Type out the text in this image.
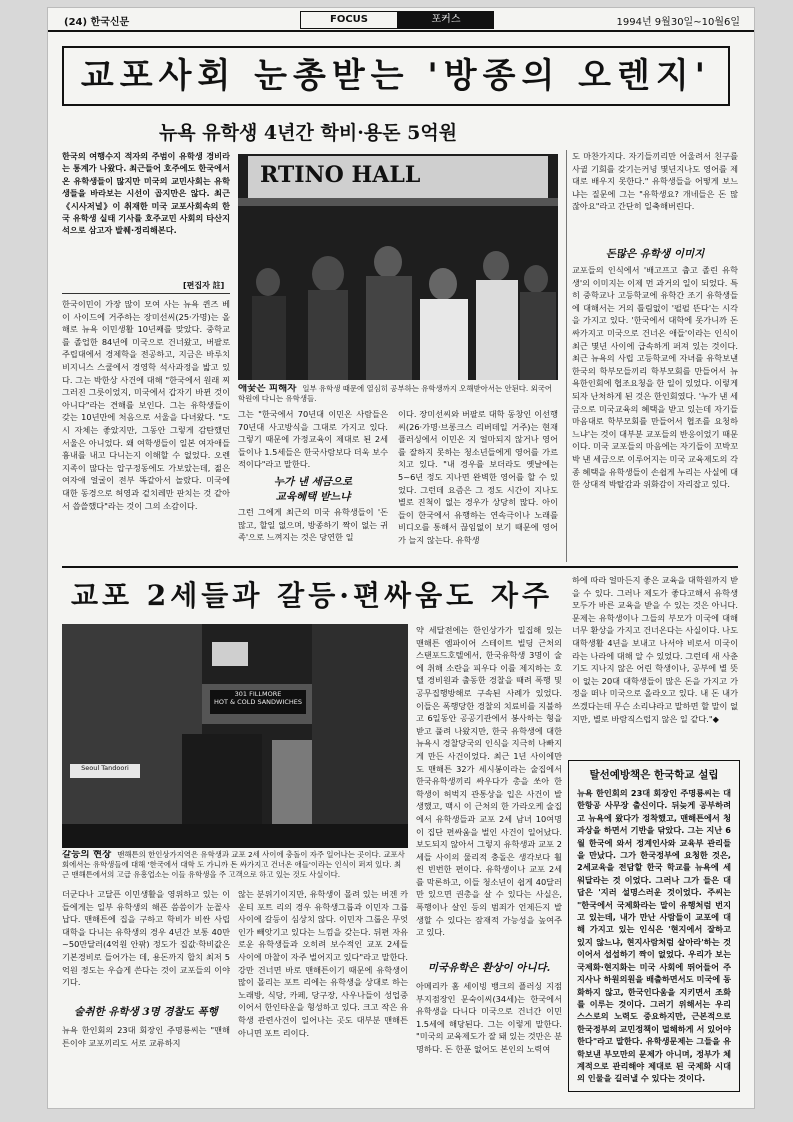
(24) 한국신문	FOCUS	포커스	1994년 9월30일~10월6일
교포사회 눈총받는 '방종의 오렌지'
뉴욕 유학생 4년간 학비·용돈 5억원

한국의 여행수지 적자의 주범이 유학생 경비라는 통계가 나왔다. 최근들어 호주에도 한국에서 온 유학생들이 많지만 미국의 교민사회는 유학생들을 바라보는 시선이 곱지만은 않다. 최근 《시사저널》이 취재한 미국 교포사회속의 한국 유학생 실태 기사를 호주교민 사회의 타산지석으로 삼고자 발췌·정리해본다.

[편집자 註]

한국이민이 가장 많이 모여 사는 뉴욕 퀸즈 베이 사이드에 거주하는 장미선씨(25·가명)는 올해로 뉴욕 이민생활 10년째를 맞았다. 중학교를 졸업한 84년에 미국으로 건너왔고, 버팔로 주립대에서 경제학을 전공하고, 지금은 바루치 비지니스 스쿨에서 경영학 석사과정을 밟고 있다. 그는 박한상 사건에 대해 "한국에서 원래 찌그러진 그릇이었지, 미국에서 갑자기 바뀐 것이 아니다"라는 견해를 보인다. 그는 유학생들이 갖는 10년만에 처음으로 서울을 다녀왔다. "도시 자체는 좋았지만, 그동안 그렇게 감탄했던 서울은 아니었다. 왜 여학생들이 일본 여자애들 흉내를 내고 다니는지 이해할 수 없었다. 오렌지족이 많다는 압구정동에도 가보았는데, 젊은 여자애 얼굴이 전부 똑같아서 놀랐다. 미국에 대한 동경으로 허영과 겉치레만 판치는 것 같아서 씁쓸했다"라는 것이 그의 소감이다.

RTINO HALL
애꿎은 피해자 일부 유학생 때문에 열심히 공부하는 유학생까지 오해받아서는 안된다. 외국어학원에 다니는 유학생들.

그는 "한국에서 70년대 이민온 사람들은 70년대 사고방식을 그대로 가지고 있다. 그렇기 때문에 가정교육이 제대로 된 2세들이나 1.5세들은 한국사람보다 더욱 보수적이다"라고 말한다.

누가 낸 세금으로
교육혜택 받느냐

그런 그에게 최근의 미국 유학생들이 '돈 많고, 할일 없으며, 방종하기 짝이 없는 귀족'으로 느껴지는 것은 당연한 일

이다. 장미선씨와 버팔로 대학 동창인 이선행씨(26·가명·브롱크스 리버데일 거주)는 현재 플러싱에서 이민온 지 얼마되지 않거나 영어를 잘하지 못하는 청소년들에게 영어를 가르치고 있다. "내 경우를 보더라도 옛날에는 5~6년 정도 지나면 완벽한 영어를 할 수 있었다. 그런데 요즘은 그 정도 시간이 지나도 별로 진척이 없는 경우가 상당히 많다. 아이들이 한국에서 유행하는 연속극이나 노래를 비디오를 통해서 끊임없이 보기 때문에 영어가 늘지 않는다. 유학생

도 마찬가지다. 자기들끼리만 어울려서 친구를 사귈 기회를 갖기는커녕 몇년지나도 영어를 제대로 배우지 못한다." 유학생들을 어떻게 보느냐는 질문에 그는 "유학생요? 개네들은 돈 많잖아요"라고 간단히 일축해버린다.

돈많은 유학생 이미지

교포들의 인식에서 '배고프고 춥고 졸린 유학생'의 이미지는 이제 먼 과거의 일이 되었다. 특히 중학교나 고등학교에 유학간 조기 유학생들에 대해서는 거의 틀림없이 '펄펄 뜬다'는 시각을 가지고 있다. '한국에서 대학에 못가니까 돈 싸가지고 미국으로 건너온 애들'이라는 인식이 최근 몇년 사이에 급속하게 퍼져 있는 것이다. 최근 뉴욕의 사립 고등학교에 자녀를 유학보낸 한국의 학부모들끼리 학부모회를 만들어서 뉴욕한인회에 협조요청을 한 일이 있었다. 이렇게 되자 난처하게 된 것은 한인회였다. '누가 낸 세금으로 미국교육의 혜택을 받고 있는데 자기들 마음대로 학부모회를 만들어서 협조를 요청하느냐'는 것이 대부분 교포들의 반응이었기 때문이다. 미국 교포들의 마음에는 자기들이 꼬박꼬박 낸 세금으로 이루어지는 미국 교육제도의 각종 혜택을 유학생들이 손쉽게 누리는 사실에 대한 상대적 박탈감과 위화감이 자리잡고 있다.

교포 2세들과 갈등·편싸움도 자주
301 FILLMORE
HOT & COLD SANDWICHES
Seoul Tandoori
갈등의 현장 맨해튼의 한인상가지역은 유학생과 교포 2세 사이에 충돌이 자주 일어나는 곳이다. 교포사회에서는 유학생들에 대해 '한국에서 대학 도 가니까 돈 싸가지고 건너온 애들'이라는 인식이 퍼져 있다. 최근 맨해튼에서의 고급 유흥업소는 이들 유학생을 주 고객으로 하고 있는 것도 사실이다.

더군다나 고달픈 이민생활을 영위하고 있는 이들에게는 일부 유학생의 해픈 씀씀이가 눈꼴사납다. 맨해튼에 집을 구하고 학비가 비싼 사립대학을 다니는 유학생의 경우 4년간 보통 40만~50만달러(4억원 안팎) 정도가 집값·학비값은 기본경비로 들어가는 데, 용돈까지 합치 최저 5억원 정도는 우습게 쓴다는 것이 교포들의 이야기다.

술취한 유학생 3명 경찰도 폭행

뉴욕 한인회의 23대 회장인 주명룡씨는 "맨해튼이야 교포끼리도 서로 교류하지

않는 분위기이지만, 유학생이 몰려 있는 버겐 카운티 포트 리의 경우 유학생그룹과 이민자 그룹사이에 갈등이 심상치 않다. 이민자 그룹은 무엇인가 빼앗기고 있다는 느낌을 갖는다. 뒤편 자유로운 유학생들과 오히려 보수적인 교포 2세들 사이에 마찰이 자주 벌어지고 있다"라고 말한다. 강만 건너면 바로 맨해튼이기 때문에 유학생이 많이 몰리는 포트 리에는 유학생을 상대로 하는 노래방, 식당, 카페, 당구장, 사우나들이 성업중이어서 한인타운을 형성하고 있다. 크고 작은 유학생 관련사건이 일어나는 곳도 대부분 맨해튼 아니면 포트 리이다.

약 세달전에는 한인상가가 밀집해 있는 맨해튼 엠파이어 스테이트 빌딩 근처의 스탠포드호텔에서, 한국유학생 3명이 술에 취해 소란을 피우다 이를 제지하는 호텔 경비원과 출동한 경찰을 때려 폭행 및 공무집행방해로 구속된 사례가 있었다. 이들은 폭행당한 경찰의 치료비를 지불하고 6일동안 공공기관에서 봉사하는 형을 받고 풀려 나왔지만, 한국 유학생에 대한 뉴욕시 경찰당국의 인식을 지극히 나빠지게 만든 사건이었다. 최근 1년 사이에만도 맨해튼 32가 세시봉이라는 술집에서 한국유학생끼리 싸우다가 총을 쏘아 한 학생이 허벅지 관통상을 입은 사건이 발생했고, 맥시 이 근처의 한 가라오케 술집에서 유학생들과 교포 2세 남녀 10여명이 집단 편싸움을 벌인 사건이 일어났다. 보도되지 않아서 그렇지 유학생과 교포 2세들 사이의 물리적 충돌은 생각보다 훨씬 빈번한 편이다. 유학생이나 교포 2세를 막론하고, 이들 청소년이 쉽게 40달러만 있으면 권총을 살 수 있다는 사실은, 폭행이나 살인 등의 범죄가 언제든지 발생할 수 있다는 잠재적 가능성을 높여주고 있다.

미국유학은 환상이 아니다.

아메리카 홈 세이빙 뱅크의 플러싱 지점 부지점장인 문숙이씨(34세)는 한국에서 유학생을 다니다 미국으로 건너간 이민 1.5세에 해당된다. 그는 이렇게 말한다. "미국의 교육제도가 잘 돼 있는 것만은 분명하다. 돈 한푼 없어도 본인의 노력여

하에 따라 얼마든지 좋은 교육을 대학원까지 받을 수 있다. 그러나 제도가 좋다고해서 유학생 모두가 바른 교육을 받을 수 있는 것은 아니다. 문제는 유학생이나 그들의 부모가 미국에 대해 너무 환상을 가지고 건너온다는 사실이다. 나도 대학생활 4년을 보내고 나서야 비로서 미국이라는 나라에 대해 알 수 있었다. 그런데 새 사춘기도 지나지 않은 어린 학생이나, 공부에 별 뜻이 없는 20대 대학생들이 많은 돈을 가지고 가정을 떠나 미국으로 올라오고 있다. 내 돈 내가 쓰겠다는데 무슨 소리냐라고 말하면 할 말이 없지만, 별로 바람직스럽지 않은 일 같다."◆

탈선예방책은 한국학교 설립

뉴욕 한인회의 23대 회장인 주명룡씨는 대한항공 사무장 출신이다. 뒤늦게 공부하려고 뉴욕에 왔다가 정착했고, 맨해튼에서 청과상을 하면서 기반을 닦았다. 그는 지난 6월 한국에 와서 정계인사와 교육부 관리들을 만났다. 그가 한국정부에 요청한 것은, 2세교육을 전담할 한국 학교를 뉴욕에 세워달라는 것 이었다. 그러나 그가 들은 대답은 '지러 설명스러운 것이었다. 주씨는 "한국에서 국제화라는 말이 유행처럼 번지고 있는데, 내가 만난 사람들이 교포에 대해 가지고 있는 인식은 '현지에서 잘하고 있지 않느냐, 현지사람처럼 살아라'하는 것이어서 섭섭하기 짝이 없었다. 우리가 보는 국제화·현지화는 미국 사회에 뛰어들어 주지사나 하원의원을 배출하면서도 미국에 동화하지 않고, 한국인다움을 지키면서 조화를 이루는 것이다. 그러기 위해서는 우리 스스로의 노력도 중요하지만, 근본적으로 한국정부의 교민정책이 멀해하게 서 있어야 한다"라고 말한다. 유학생문제는 그들을 유학보낸 부모만의 문제가 아니며, 정부가 체계적으로 관리해야 제대로 된 국제화 시대의 인물을 길러낼 수 있다는 것이다.
